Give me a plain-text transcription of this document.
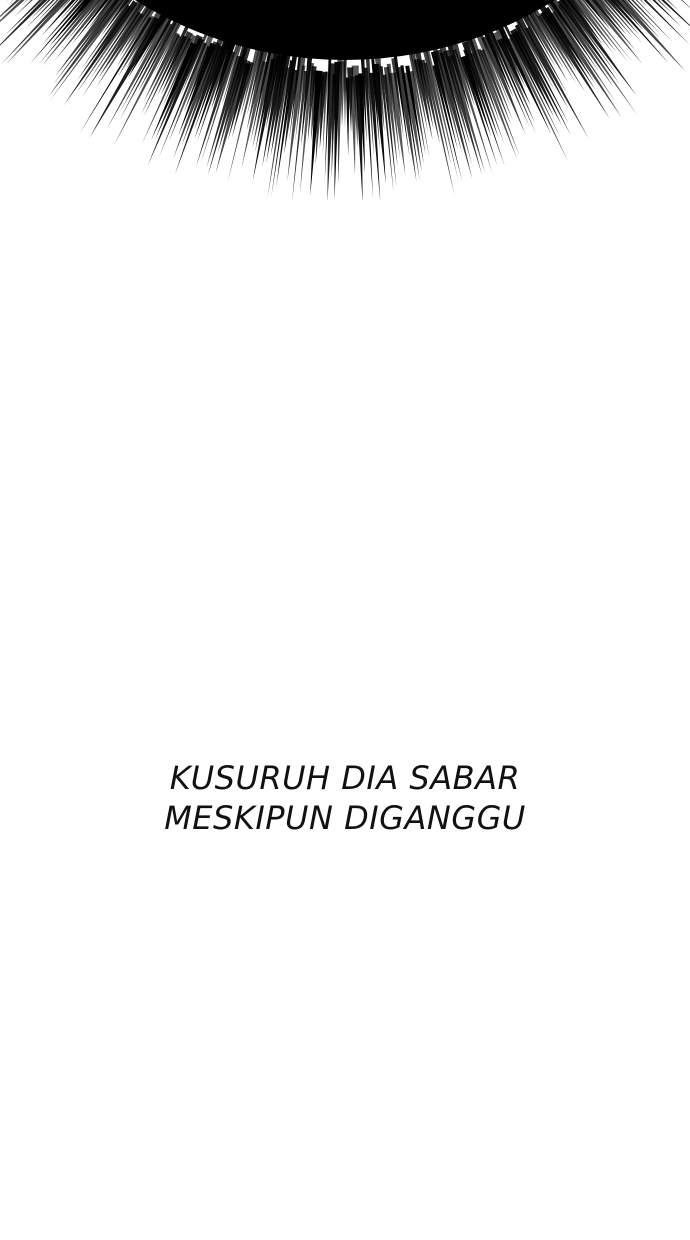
KUSURUH DIA SABAR
MESKIPUN DIGANGGU
